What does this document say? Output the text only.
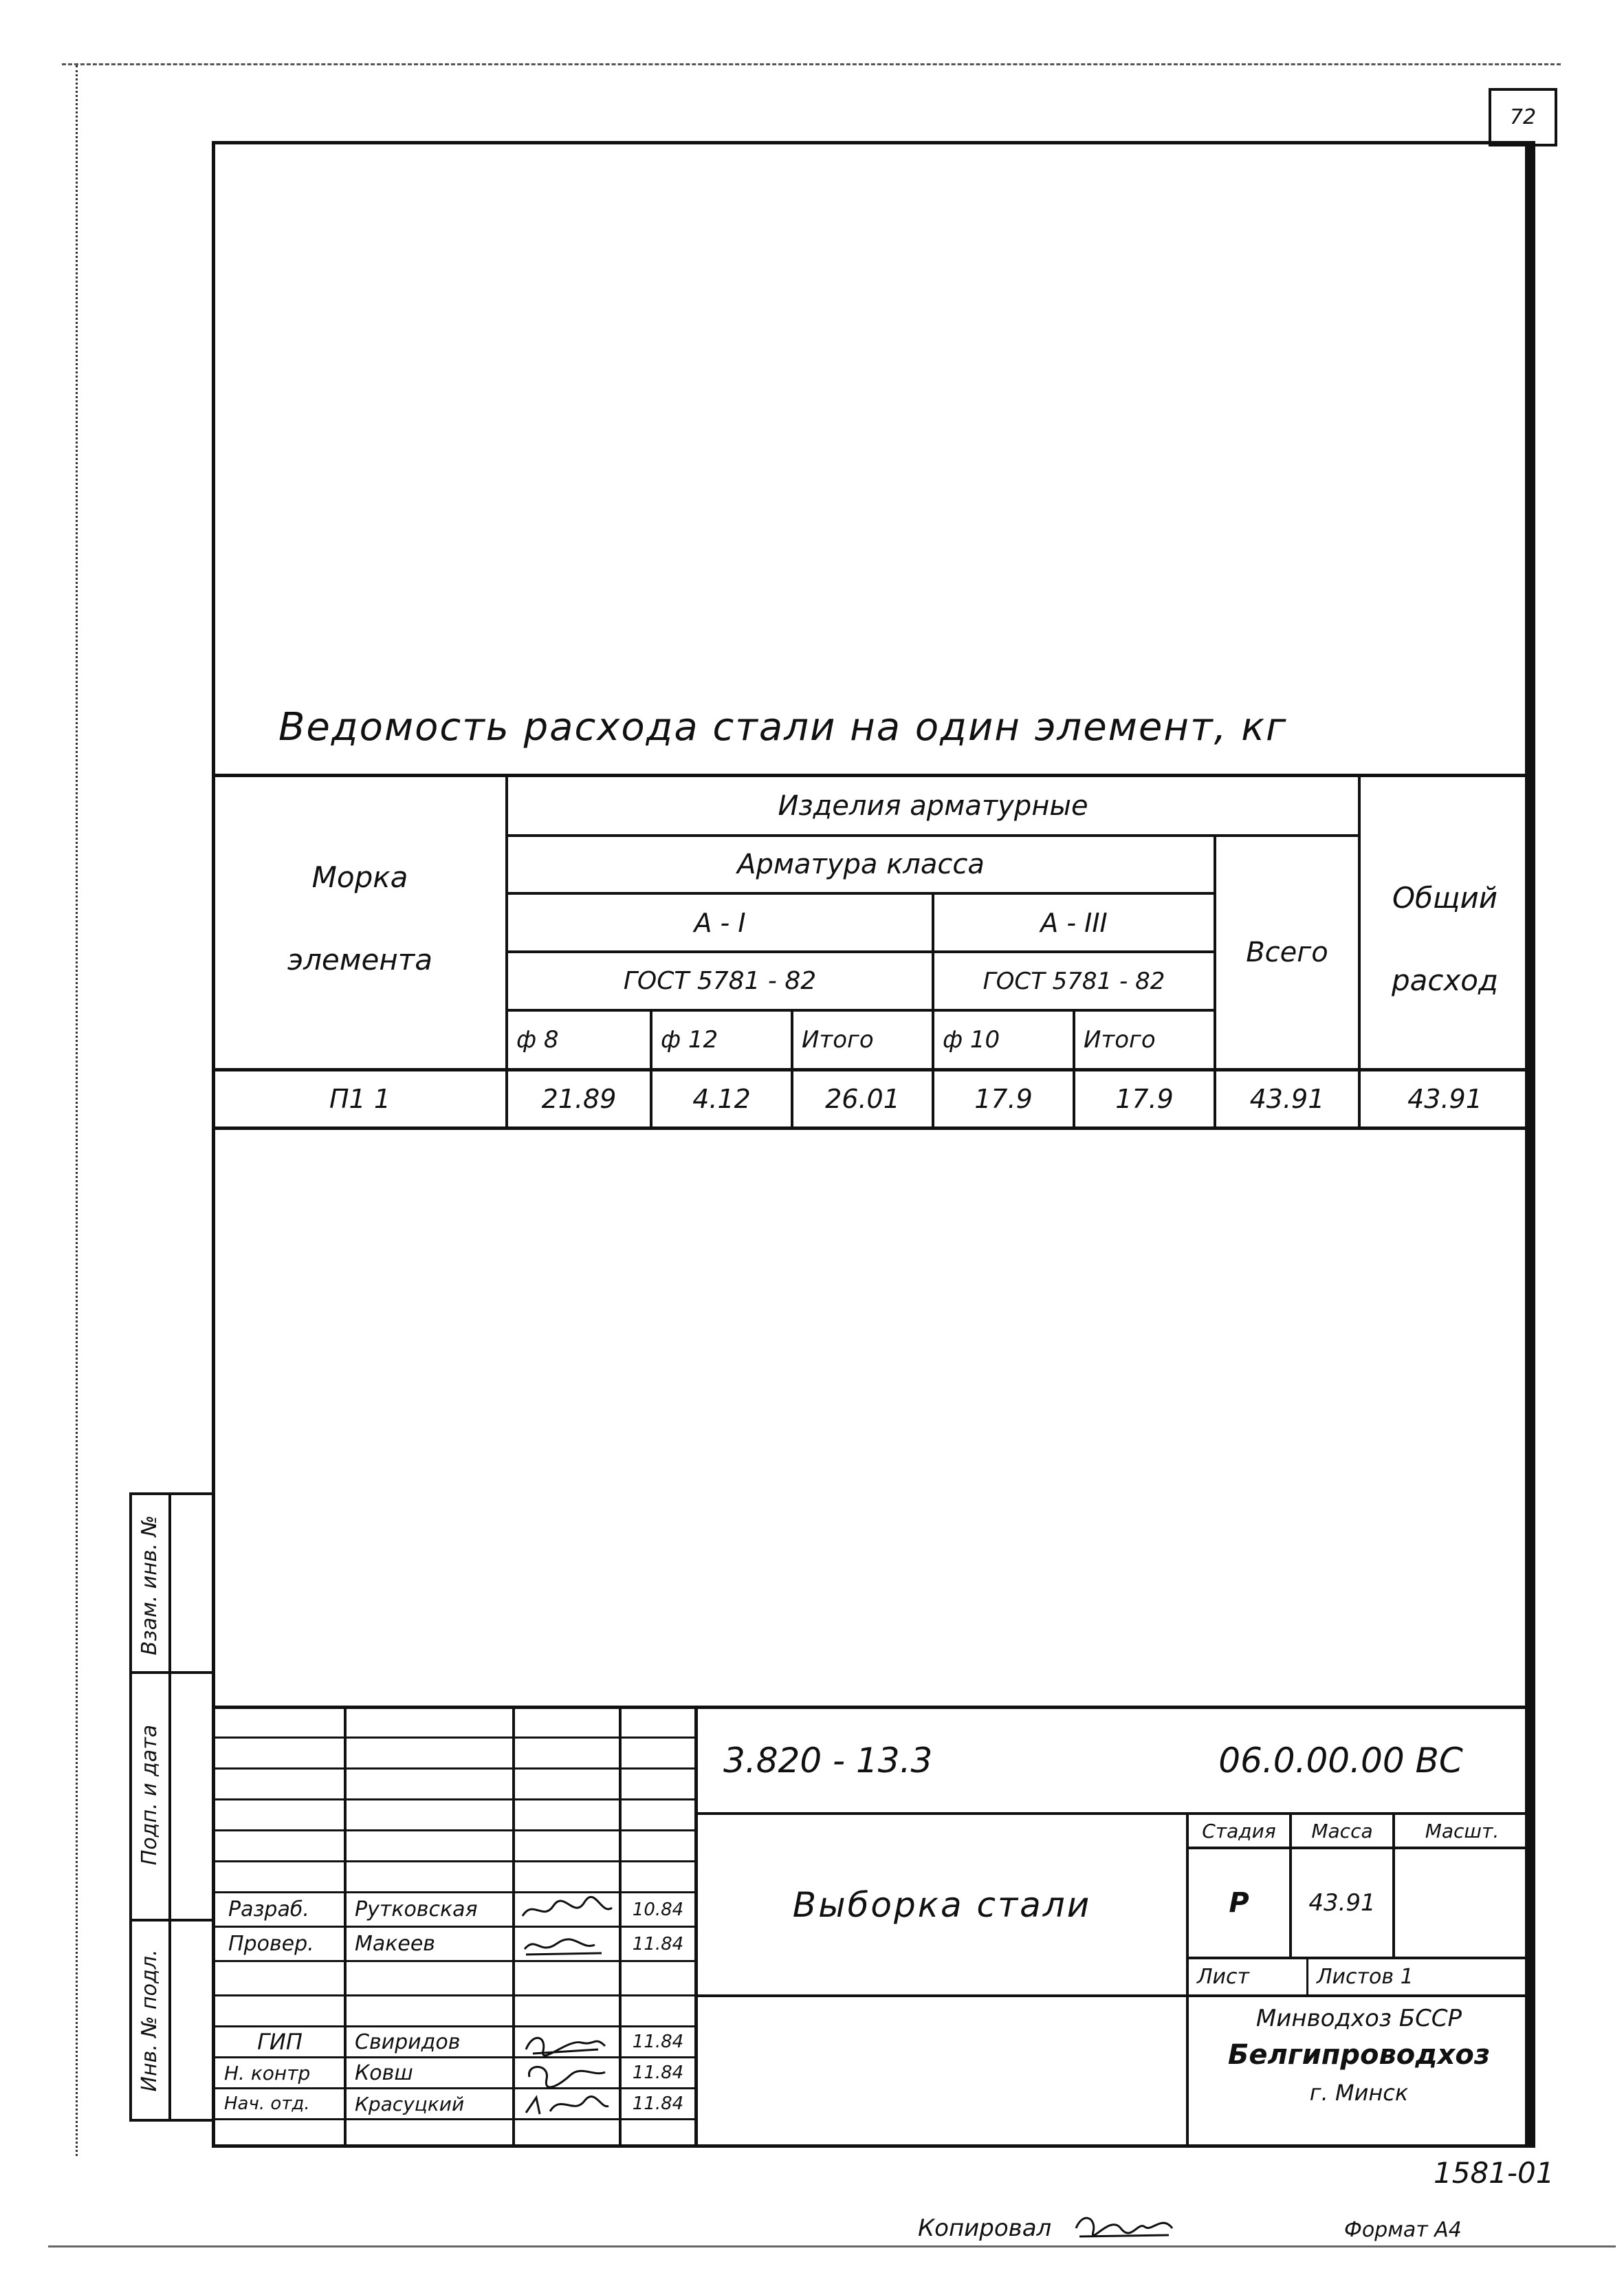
72
Ведомость расхода стали на один элемент, кг
Морка
элемента
Изделия арматурные
Арматура класса
А - I	А - III
ГОСТ 5781 - 82	ГОСТ 5781 - 82
ф 8	ф 12	Итого	ф 10	Итого
Всего
Общий
расход
П1 1	21.89	4.12	26.01	17.9	17.9	43.91	43.91
Взам. инв. №
Подп. и дата
Инв. № подл.
Разраб.	Рутковская	10.84
Провер.	Макеев	11.84
ГИП	Свиридов	11.84
Н. контр	Ковш	11.84
Нач. отд.	Красуцкий	11.84
3.820 - 13.3	06.0.00.00 ВС
Выборка стали
Стадия	Масса	Масшт.
Р	43.91
Лист	Листов 1
Минводхоз БССР
Белгипроводхоз
г. Минск
1581-01
Копировал	Формат А4
